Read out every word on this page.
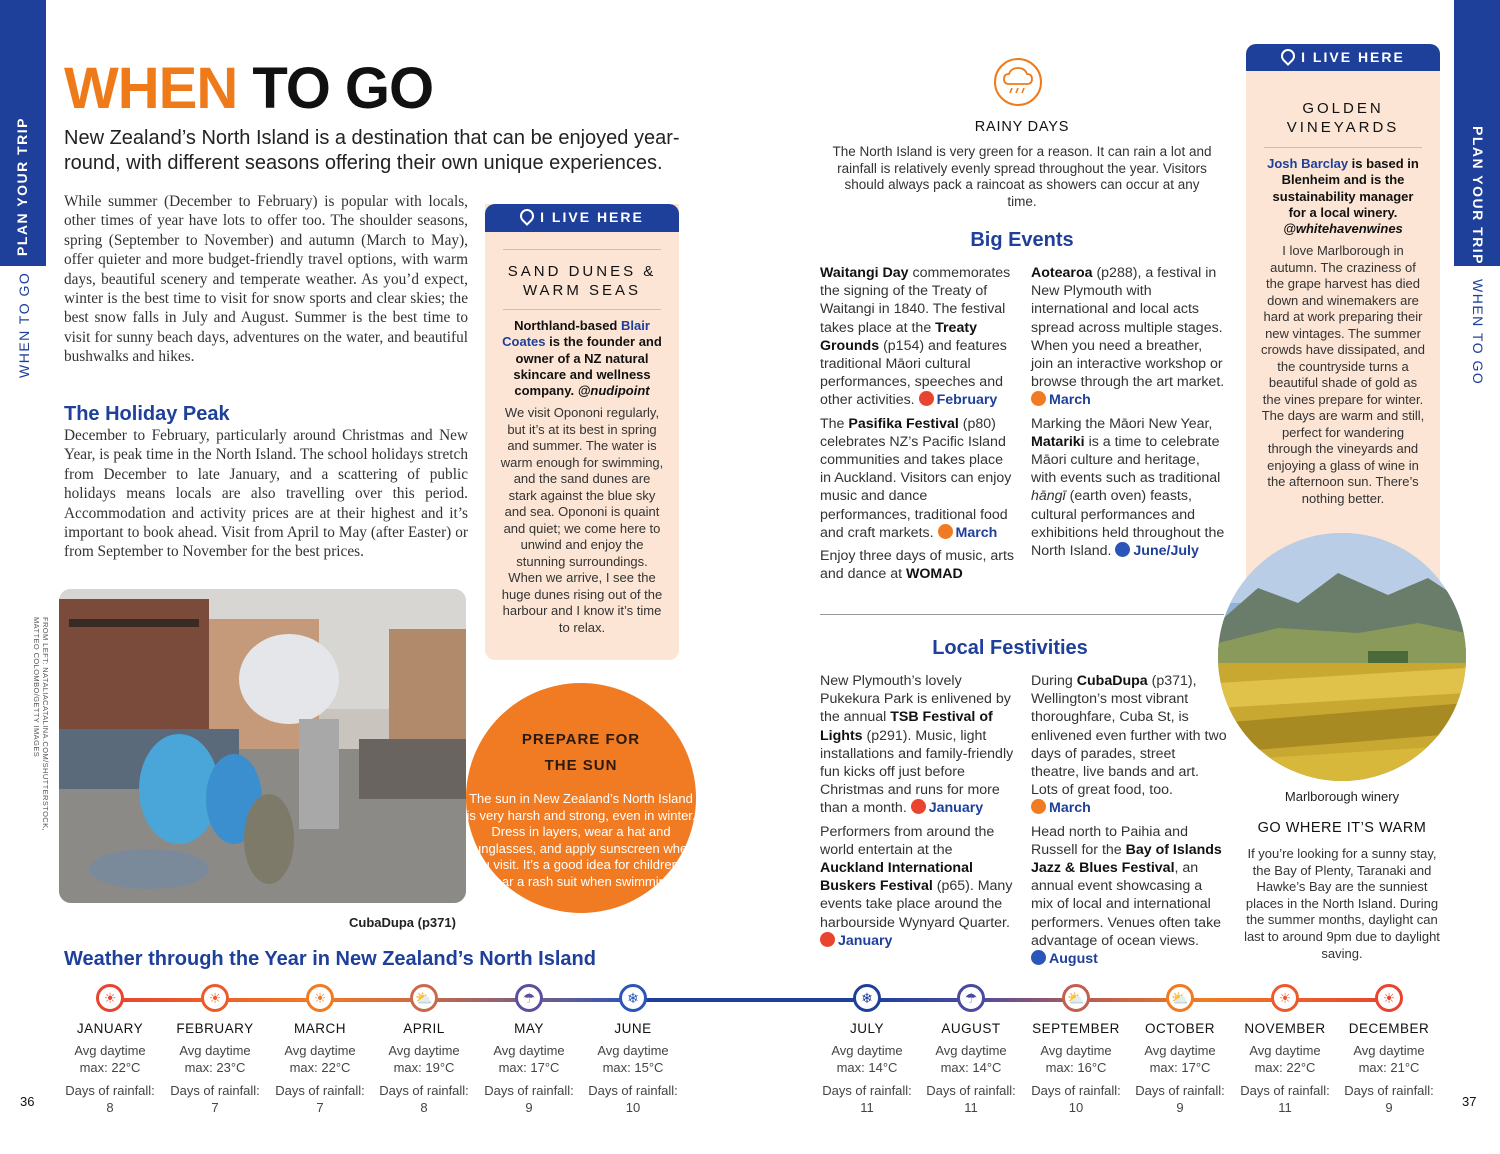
PLAN YOUR TRIP
WHEN TO GO
PLAN YOUR TRIP
WHEN TO GO
WHEN TO GO
New Zealand’s North Island is a destination that can be enjoyed year-round, with different seasons offering their own unique experiences.
While summer (December to February) is popular with locals, other times of year have lots to offer too. The shoulder seasons, spring (September to November) and autumn (March to May), offer quieter and more budget-friendly travel options, with warm days, beautiful scenery and temperate weather. As you’d expect, winter is the best time to visit for snow sports and clear skies; the best snow falls in July and August. Summer is the best time to visit for sunny beach days, adventures on the water, and beautiful bushwalks and hikes.
The Holiday Peak
December to February, particularly around Christmas and New Year, is peak time in the North Island. The school holidays stretch from December to late January, and a scattering of public holidays means locals are also travelling over this period. Accommodation and activity prices are at their highest and it’s important to book ahead. Visit from April to May (after Easter) or from September to November for the best prices.
FROM LEFT: NATALIACATALINA.COM/SHUTTERSTOCK,
MATTEO COLOMBO/GETTY IMAGES
CubaDupa (p371)
I LIVE HERE
SAND DUNES & WARM SEAS
Northland-based Blair Coates is the founder and owner of a NZ natural skincare and wellness company. @nudipoint
We visit Opononi regularly, but it’s at its best in spring and summer. The water is warm enough for swimming, and the sand dunes are stark against the blue sky and sea. Opononi is quaint and quiet; we come here to unwind and enjoy the stunning surroundings. When we arrive, I see the huge dunes rising out of the harbour and I know it’s time to relax.
PREPARE FOR
THE SUN
The sun in New Zealand’s North Island is very harsh and strong, even in winter. Dress in layers, wear a hat and sunglasses, and apply sunscreen when you visit. It’s a good idea for children to wear a rash suit when swimming.
RAINY DAYS
The North Island is very green for a reason. It can rain a lot and rainfall is relatively evenly spread throughout the year. Visitors should always pack a raincoat as showers can occur at any time.
Big Events

Waitangi Day commemorates the signing of the Treaty of Waitangi in 1840. The festival takes place at the Treaty Grounds (p154) and features traditional Māori cultural performances, speeches and other activities. February

The Pasifika Festival (p80) celebrates NZ’s Pacific Island communities and takes place in Auckland. Visitors can enjoy music and dance performances, traditional food and craft markets. March

Enjoy three days of music, arts and dance at WOMAD

Aotearoa (p288), a festival in New Plymouth with international and local acts spread across multiple stages. When you need a breather, join an interactive workshop or browse through the art market. March

Marking the Māori New Year, Matariki is a time to celebrate Māori culture and heritage, with events such as traditional hāngī (earth oven) feasts, cultural performances and exhibitions held throughout the North Island. June/July

Local Festivities

New Plymouth’s lovely Pukekura Park is enlivened by the annual TSB Festival of Lights (p291). Music, light installations and family-friendly fun kicks off just before Christmas and runs for more than a month. January

Performers from around the world entertain at the Auckland International Buskers Festival (p65). Many events take place around the harbourside Wynyard Quarter. January

During CubaDupa (p371), Wellington’s most vibrant thoroughfare, Cuba St, is enlivened even further with two days of parades, street theatre, live bands and art. Lots of great food, too. March

Head north to Paihia and Russell for the Bay of Islands Jazz & Blues Festival, an annual event showcasing a mix of local and international performers. Venues often take advantage of ocean views. August

I LIVE HERE
GOLDEN VINEYARDS
Josh Barclay is based in Blenheim and is the sustainability manager for a local winery. @whitehavenwines
I love Marlborough in autumn. The craziness of the grape harvest has died down and winemakers are hard at work preparing their new vintages. The summer crowds have dissipated, and the countryside turns a beautiful shade of gold as the vines prepare for winter. The days are warm and still, perfect for wandering through the vineyards and enjoying a glass of wine in the afternoon sun. There’s nothing better.
Marlborough winery
GO WHERE IT’S WARM
If you’re looking for a sunny stay, the Bay of Plenty, Taranaki and Hawke’s Bay are the sunniest places in the North Island. During the summer months, daylight can last to around 9pm due to daylight saving.
Weather through the Year in New Zealand’s North Island
☀
JANUARY
Avg daytime
max: 22°C
Days of rainfall:
8
☀
FEBRUARY
Avg daytime
max: 23°C
Days of rainfall:
7
☀
MARCH
Avg daytime
max: 22°C
Days of rainfall:
7
⛅
APRIL
Avg daytime
max: 19°C
Days of rainfall:
8
☂
MAY
Avg daytime
max: 17°C
Days of rainfall:
9
❄
JUNE
Avg daytime
max: 15°C
Days of rainfall:
10
❄
JULY
Avg daytime
max: 14°C
Days of rainfall:
11
☂
AUGUST
Avg daytime
max: 14°C
Days of rainfall:
11
⛅
SEPTEMBER
Avg daytime
max: 16°C
Days of rainfall:
10
⛅
OCTOBER
Avg daytime
max: 17°C
Days of rainfall:
9
☀
NOVEMBER
Avg daytime
max: 22°C
Days of rainfall:
11
☀
DECEMBER
Avg daytime
max: 21°C
Days of rainfall:
9
36	37
